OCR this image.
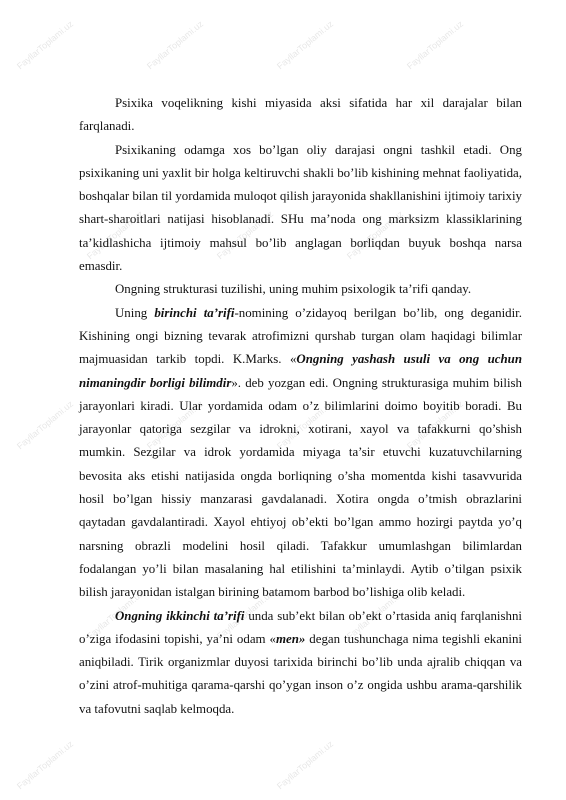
FayllarToplami.uz	FayllarToplami.uz	FayllarToplami.uz	FayllarToplami.uz
FayllarToplami.uz	FayllarToplami.uz	FayllarToplami.uz
FayllarToplami.uz	FayllarToplami.uz	FayllarToplami.uz	FayllarToplami.uz
FayllarToplami.uz	FayllarToplami.uz	FayllarToplami.uz
FayllarToplami.uz	FayllarToplami.uz

Psixika voqelikning kishi miyasida aksi sifatida har xil darajalar bilan farqlanadi.

Psixikaning odamga xos bo’lgan oliy darajasi ongni tashkil etadi. Ong psixikaning uni yaxlit bir holga keltiruvchi shakli bo’lib kishining mehnat faoliyatida, boshqalar bilan til yordamida muloqot qilish jarayonida shakllanishini ijtimoiy tarixiy shart-sharoitlari natijasi hisoblanadi. SHu ma’noda ong marksizm klassiklarining ta’kidlashicha ijtimoiy mahsul bo’lib anglagan borliqdan buyuk boshqa narsa emasdir.

Ongning strukturasi tuzilishi, uning muhim psixologik ta’rifi qanday.

Uning birinchi ta’rifi-nomining o’zidayoq berilgan bo’lib, ong deganidir. Kishining ongi bizning tevarak atrofimizni qurshab turgan olam haqidagi bilimlar majmuasidan tarkib topdi. K.Marks. «Ongning yashash usuli va ong uchun nimaningdir borligi bilimdir». deb yozgan edi. Ongning strukturasiga muhim bilish jarayonlari kiradi. Ular yordamida odam o’z bilimlarini doimo boyitib boradi. Bu jarayonlar qatoriga sezgilar va idrokni, xotirani, xayol va tafakkurni qo’shish mumkin. Sezgilar va idrok yordamida miyaga ta’sir etuvchi kuzatuvchilarning bevosita aks etishi natijasida ongda borliqning o’sha momentda kishi tasavvurida hosil bo’lgan hissiy manzarasi gavdalanadi. Xotira ongda o’tmish obrazlarini qaytadan gavdalantiradi. Xayol ehtiyoj ob’ekti bo’lgan ammo hozirgi paytda yo’q narsning obrazli modelini hosil qiladi. Tafakkur umumlashgan bilimlardan fodalangan yo’li bilan masalaning hal etilishini ta’minlaydi. Aytib o’tilgan psixik bilish jarayonidan istalgan birining batamom barbod bo’lishiga olib keladi.

Ongning ikkinchi ta’rifi unda sub’ekt bilan ob’ekt o’rtasida aniq farqlanishni o’ziga ifodasini topishi, ya’ni odam «men» degan tushunchaga nima tegishli ekanini aniqbiladi. Tirik organizmlar duyosi tarixida birinchi bo’lib unda ajralib chiqqan va o’zini atrof-muhitiga qarama-qarshi qo’ygan inson o’z ongida ushbu arama-qarshilik va tafovutni saqlab kelmoqda.
